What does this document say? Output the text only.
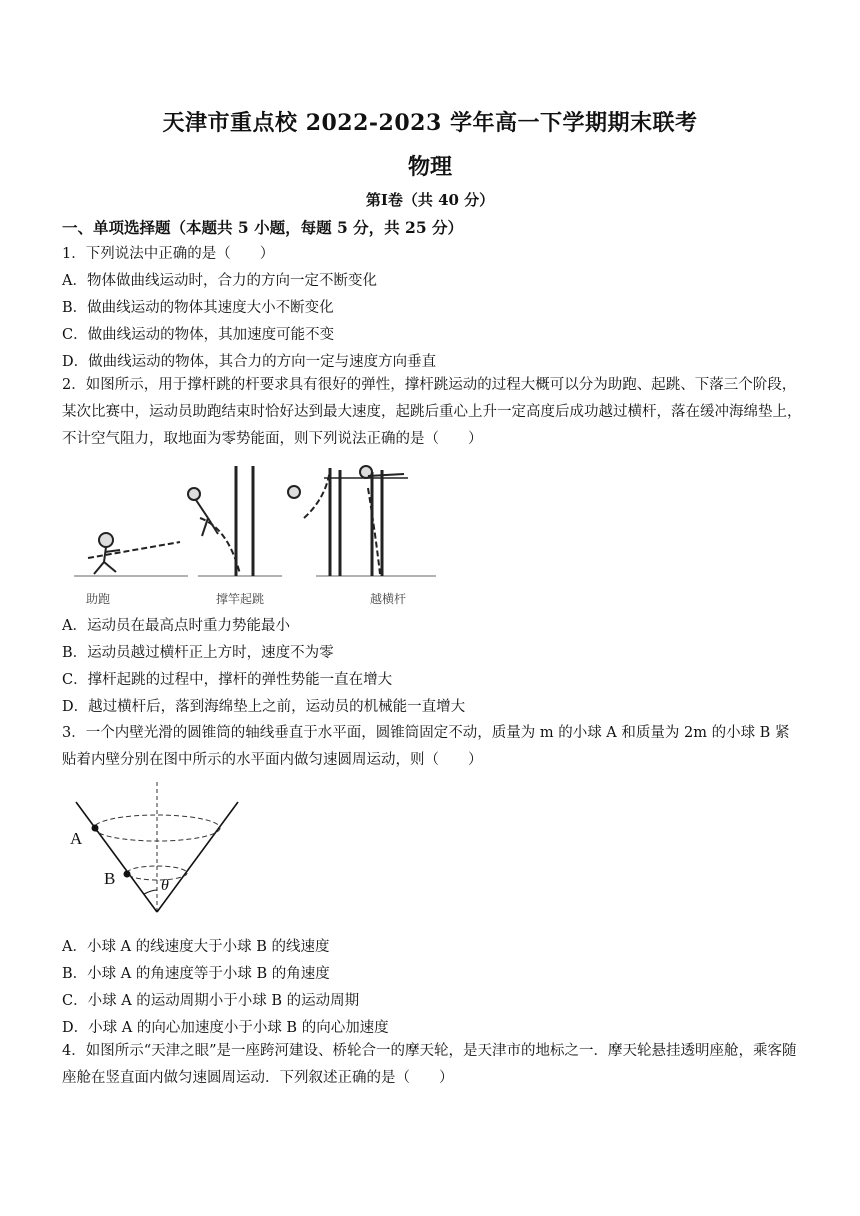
天津市重点校 2022-2023 学年高一下学期期末联考
物理
第Ⅰ卷（共 40 分）
一、单项选择题（本题共 5 小题，每题 5 分，共 25 分）
1．下列说法中正确的是（　　）
A．物体做曲线运动时，合力的方向一定不断变化
B．做曲线运动的物体其速度大小不断变化
C．做曲线运动的物体，其加速度可能不变
D．做曲线运动的物体，其合力的方向一定与速度方向垂直
2．如图所示，用于撑杆跳的杆要求具有很好的弹性，撑杆跳运动的过程大概可以分为助跑、起跳、下落三个阶段，某次比赛中，运动员助跑结束时恰好达到最大速度，起跳后重心上升一定高度后成功越过横杆，落在缓冲海绵垫上，不计空气阻力，取地面为零势能面，则下列说法正确的是（　　）
助跑	撑竿起跳	越横杆
A．运动员在最高点时重力势能最小
B．运动员越过横杆正上方时，速度不为零
C．撑杆起跳的过程中，撑杆的弹性势能一直在增大
D．越过横杆后，落到海绵垫上之前，运动员的机械能一直增大
3．一个内壁光滑的圆锥筒的轴线垂直于水平面，圆锥筒固定不动，质量为 m 的小球 A 和质量为 2m 的小球 B 紧贴着内壁分别在图中所示的水平面内做匀速圆周运动，则（　　）
A
B	θ
A．小球 A 的线速度大于小球 B 的线速度
B．小球 A 的角速度等于小球 B 的角速度
C．小球 A 的运动周期小于小球 B 的运动周期
D．小球 A 的向心加速度小于小球 B 的向心加速度
4．如图所示“天津之眼”是一座跨河建设、桥轮合一的摩天轮，是天津市的地标之一．摩天轮悬挂透明座舱，乘客随座舱在竖直面内做匀速圆周运动．下列叙述正确的是（　　）
